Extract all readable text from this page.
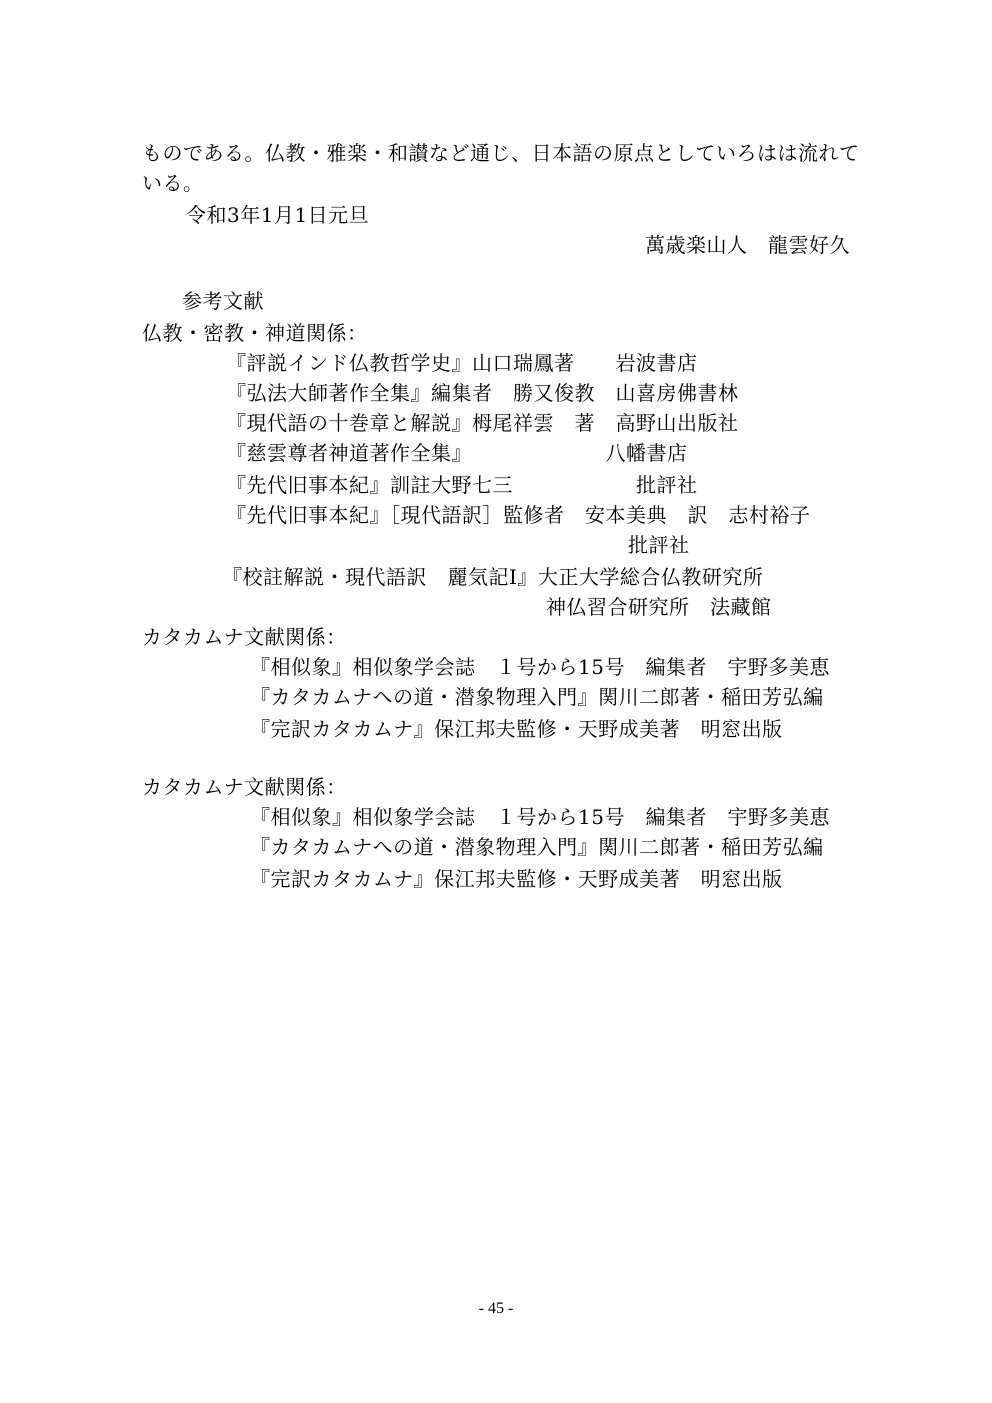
ものである。仏教・雅楽・和讃など通じ、日本語の原点としていろはは流れて
いる。
令和3年1月1日元旦
萬歳楽山人　龍雲好久
参考文献
仏教・密教・神道関係：
『評説インド仏教哲学史』山口瑞鳳著　　岩波書店
『弘法大師著作全集』編集者　勝又俊教　山喜房佛書林
『現代語の十巻章と解説』栂尾祥雲　著　高野山出版社
『慈雲尊者神道著作全集』　　　　　　　八幡書店
『先代旧事本紀』訓註大野七三　　　　　　批評社
『先代旧事本紀』［現代語訳］監修者　安本美典　訳　志村裕子
批評社
『校註解説・現代語訳　麗気記Ⅰ』大正大学総合仏教研究所
神仏習合研究所　法藏館
カタカムナ文献関係：
『相似象』相似象学会誌　１号から15号　編集者　宇野多美恵
『カタカムナへの道・潜象物理入門』関川二郎著・稲田芳弘編
『完訳カタカムナ』保江邦夫監修・天野成美著　明窓出版
カタカムナ文献関係：
『相似象』相似象学会誌　１号から15号　編集者　宇野多美恵
『カタカムナへの道・潜象物理入門』関川二郎著・稲田芳弘編
『完訳カタカムナ』保江邦夫監修・天野成美著　明窓出版
- 45 -
